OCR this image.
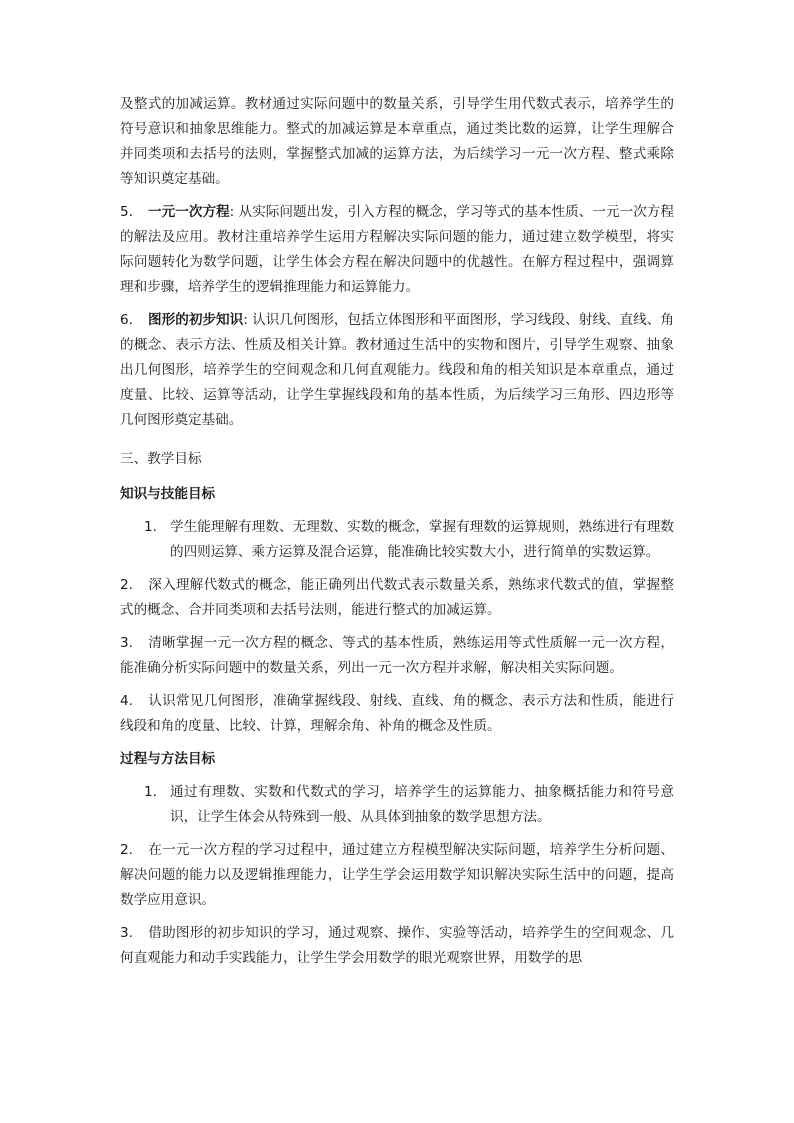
及整式的加减运算。教材通过实际问题中的数量关系，引导学生用代数式表示，培养学生的符号意识和抽象思维能力。整式的加减运算是本章重点，通过类比数的运算，让学生理解合并同类项和去括号的法则，掌握整式加减的运算方法，为后续学习一元一次方程、整式乘除等知识奠定基础。

5. 一元一次方程: 从实际问题出发，引入方程的概念，学习等式的基本性质、一元一次方程的解法及应用。教材注重培养学生运用方程解决实际问题的能力，通过建立数学模型，将实际问题转化为数学问题，让学生体会方程在解决问题中的优越性。在解方程过程中，强调算理和步骤，培养学生的逻辑推理能力和运算能力。

6. 图形的初步知识: 认识几何图形，包括立体图形和平面图形，学习线段、射线、直线、角的概念、表示方法、性质及相关计算。教材通过生活中的实物和图片，引导学生观察、抽象出几何图形，培养学生的空间观念和几何直观能力。线段和角的相关知识是本章重点，通过度量、比较、运算等活动，让学生掌握线段和角的基本性质，为后续学习三角形、四边形等几何图形奠定基础。

三、教学目标

知识与技能目标

1. 学生能理解有理数、无理数、实数的概念，掌握有理数的运算规则，熟练进行有理数的四则运算、乘方运算及混合运算，能准确比较实数大小，进行简单的实数运算。

2. 深入理解代数式的概念，能正确列出代数式表示数量关系，熟练求代数式的值，掌握整式的概念、合并同类项和去括号法则，能进行整式的加减运算。

3. 清晰掌握一元一次方程的概念、等式的基本性质，熟练运用等式性质解一元一次方程，能准确分析实际问题中的数量关系，列出一元一次方程并求解，解决相关实际问题。

4. 认识常见几何图形，准确掌握线段、射线、直线、角的概念、表示方法和性质，能进行线段和角的度量、比较、计算，理解余角、补角的概念及性质。

过程与方法目标

1. 通过有理数、实数和代数式的学习，培养学生的运算能力、抽象概括能力和符号意识，让学生体会从特殊到一般、从具体到抽象的数学思想方法。

2. 在一元一次方程的学习过程中，通过建立方程模型解决实际问题，培养学生分析问题、解决问题的能力以及逻辑推理能力，让学生学会运用数学知识解决实际生活中的问题，提高数学应用意识。

3. 借助图形的初步知识的学习，通过观察、操作、实验等活动，培养学生的空间观念、几何直观能力和动手实践能力，让学生学会用数学的眼光观察世界，用数学的思
